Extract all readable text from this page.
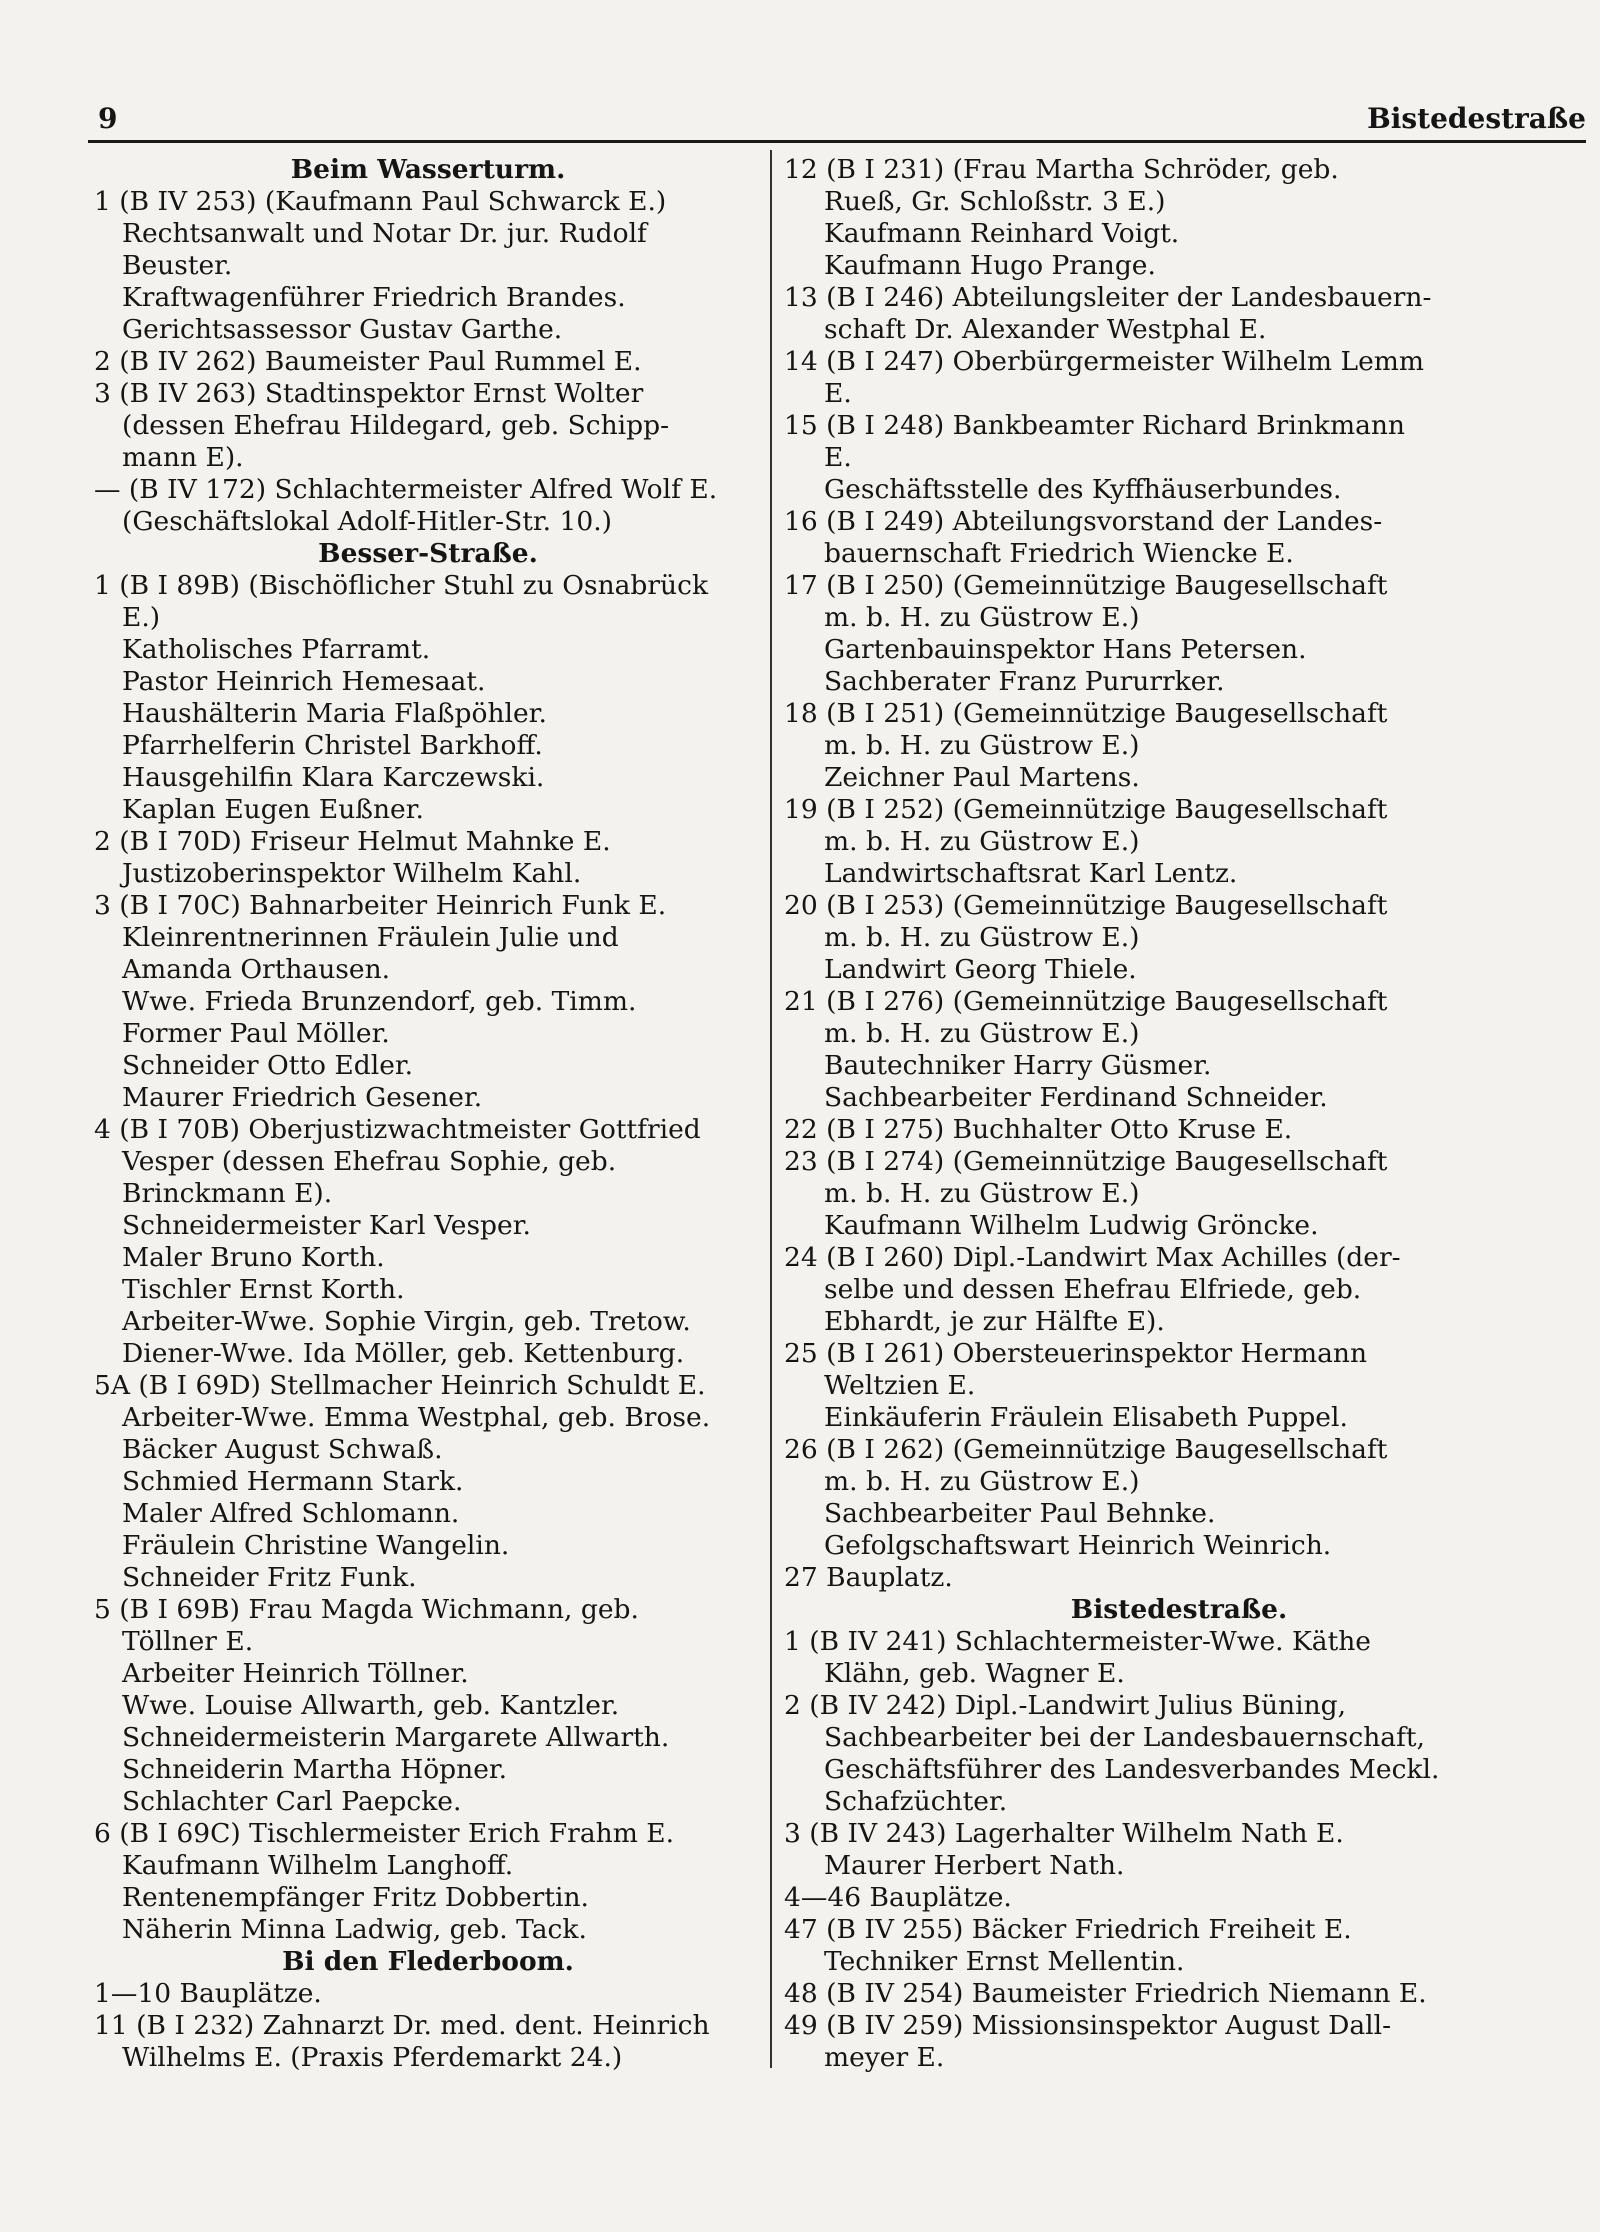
9	Bistedestraße
Beim Wasserturm.
1 (B IV 253) (Kaufmann Paul Schwarck E.)
Rechtsanwalt und Notar Dr. jur. Rudolf
Beuster.
Kraftwagenführer Friedrich Brandes.
Gerichtsassessor Gustav Garthe.
2 (B IV 262) Baumeister Paul Rummel E.
3 (B IV 263) Stadtinspektor Ernst Wolter
(dessen Ehefrau Hildegard, geb. Schipp-
mann E).
— (B IV 172) Schlachtermeister Alfred Wolf E.
(Geschäftslokal Adolf-Hitler-Str. 10.)
Besser-Straße.
1 (B I 89B) (Bischöflicher Stuhl zu Osnabrück
E.)
Katholisches Pfarramt.
Pastor Heinrich Hemesaat.
Haushälterin Maria Flaßpöhler.
Pfarrhelferin Christel Barkhoff.
Hausgehilfin Klara Karczewski.
Kaplan Eugen Eußner.
2 (B I 70D) Friseur Helmut Mahnke E.
Justizoberinspektor Wilhelm Kahl.
3 (B I 70C) Bahnarbeiter Heinrich Funk E.
Kleinrentnerinnen Fräulein Julie und
Amanda Orthausen.
Wwe. Frieda Brunzendorf, geb. Timm.
Former Paul Möller.
Schneider Otto Edler.
Maurer Friedrich Gesener.
4 (B I 70B) Oberjustizwachtmeister Gottfried
Vesper (dessen Ehefrau Sophie, geb.
Brinckmann E).
Schneidermeister Karl Vesper.
Maler Bruno Korth.
Tischler Ernst Korth.
Arbeiter-Wwe. Sophie Virgin, geb. Tretow.
Diener-Wwe. Ida Möller, geb. Kettenburg.
5A (B I 69D) Stellmacher Heinrich Schuldt E.
Arbeiter-Wwe. Emma Westphal, geb. Brose.
Bäcker August Schwaß.
Schmied Hermann Stark.
Maler Alfred Schlomann.
Fräulein Christine Wangelin.
Schneider Fritz Funk.
5 (B I 69B) Frau Magda Wichmann, geb.
Töllner E.
Arbeiter Heinrich Töllner.
Wwe. Louise Allwarth, geb. Kantzler.
Schneidermeisterin Margarete Allwarth.
Schneiderin Martha Höpner.
Schlachter Carl Paepcke.
6 (B I 69C) Tischlermeister Erich Frahm E.
Kaufmann Wilhelm Langhoff.
Rentenempfänger Fritz Dobbertin.
Näherin Minna Ladwig, geb. Tack.
Bi den Flederboom.
1—10 Bauplätze.
11 (B I 232) Zahnarzt Dr. med. dent. Heinrich
Wilhelms E. (Praxis Pferdemarkt 24.)
12 (B I 231) (Frau Martha Schröder, geb.
Rueß, Gr. Schloßstr. 3 E.)
Kaufmann Reinhard Voigt.
Kaufmann Hugo Prange.
13 (B I 246) Abteilungsleiter der Landesbauern-
schaft Dr. Alexander Westphal E.
14 (B I 247) Oberbürgermeister Wilhelm Lemm
E.
15 (B I 248) Bankbeamter Richard Brinkmann
E.
Geschäftsstelle des Kyffhäuserbundes.
16 (B I 249) Abteilungsvorstand der Landes-
bauernschaft Friedrich Wiencke E.
17 (B I 250) (Gemeinnützige Baugesellschaft
m. b. H. zu Güstrow E.)
Gartenbauinspektor Hans Petersen.
Sachberater Franz Pururrker.
18 (B I 251) (Gemeinnützige Baugesellschaft
m. b. H. zu Güstrow E.)
Zeichner Paul Martens.
19 (B I 252) (Gemeinnützige Baugesellschaft
m. b. H. zu Güstrow E.)
Landwirtschaftsrat Karl Lentz.
20 (B I 253) (Gemeinnützige Baugesellschaft
m. b. H. zu Güstrow E.)
Landwirt Georg Thiele.
21 (B I 276) (Gemeinnützige Baugesellschaft
m. b. H. zu Güstrow E.)
Bautechniker Harry Güsmer.
Sachbearbeiter Ferdinand Schneider.
22 (B I 275) Buchhalter Otto Kruse E.
23 (B I 274) (Gemeinnützige Baugesellschaft
m. b. H. zu Güstrow E.)
Kaufmann Wilhelm Ludwig Gröncke.
24 (B I 260) Dipl.-Landwirt Max Achilles (der-
selbe und dessen Ehefrau Elfriede, geb.
Ebhardt, je zur Hälfte E).
25 (B I 261) Obersteuerinspektor Hermann
Weltzien E.
Einkäuferin Fräulein Elisabeth Puppel.
26 (B I 262) (Gemeinnützige Baugesellschaft
m. b. H. zu Güstrow E.)
Sachbearbeiter Paul Behnke.
Gefolgschaftswart Heinrich Weinrich.
27 Bauplatz.
Bistedestraße.
1 (B IV 241) Schlachtermeister-Wwe. Käthe
Klähn, geb. Wagner E.
2 (B IV 242) Dipl.-Landwirt Julius Büning,
Sachbearbeiter bei der Landesbauernschaft,
Geschäftsführer des Landesverbandes Meckl.
Schafzüchter.
3 (B IV 243) Lagerhalter Wilhelm Nath E.
Maurer Herbert Nath.
4—46 Bauplätze.
47 (B IV 255) Bäcker Friedrich Freiheit E.
Techniker Ernst Mellentin.
48 (B IV 254) Baumeister Friedrich Niemann E.
49 (B IV 259) Missionsinspektor August Dall-
meyer E.
